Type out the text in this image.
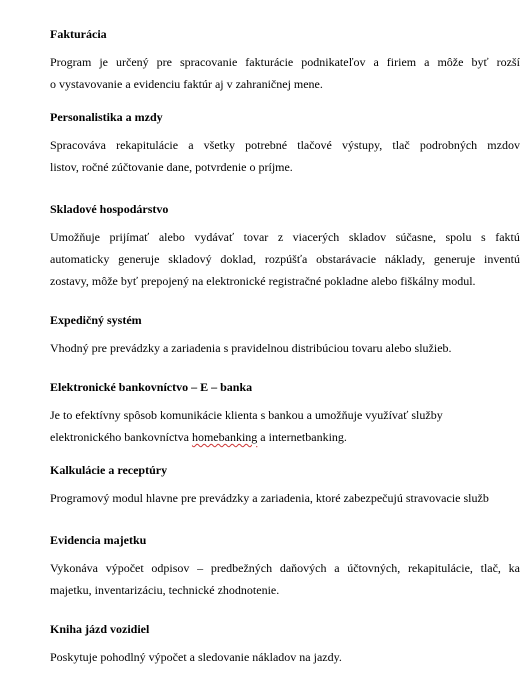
Fakturácia
Program je určený pre spracovanie fakturácie podnikateľov a firiem a môže byť rozší
o vystavovanie a evidenciu faktúr aj v zahraničnej mene.
Personalistika a mzdy
Spracováva rekapitulácie a všetky potrebné tlačové výstupy, tlač podrobných mzdov
listov, ročné zúčtovanie dane, potvrdenie o príjme.
Skladové hospodárstvo
Umožňuje prijímať alebo vydávať tovar z viacerých skladov súčasne, spolu s faktú
automaticky generuje skladový doklad, rozpúšťa obstarávacie náklady, generuje inventú
zostavy, môže byť prepojený na elektronické registračné pokladne alebo fiškálny modul.
Expedičný systém
Vhodný pre prevádzky a zariadenia s pravidelnou distribúciou tovaru alebo služieb.
Elektronické bankovníctvo – E – banka
Je to efektívny spôsob komunikácie klienta s bankou a umožňuje využívať služby
elektronického bankovníctva homebanking a internetbanking.
Kalkulácie a receptúry
Programový modul hlavne pre prevádzky a zariadenia, ktoré zabezpečujú stravovacie služb
Evidencia majetku
Vykonáva výpočet odpisov – predbežných daňových a účtovných, rekapitulácie, tlač, ka
majetku, inventarizáciu, technické zhodnotenie.
Kniha jázd vozidiel
Poskytuje pohodlný výpočet a sledovanie nákladov na jazdy.
